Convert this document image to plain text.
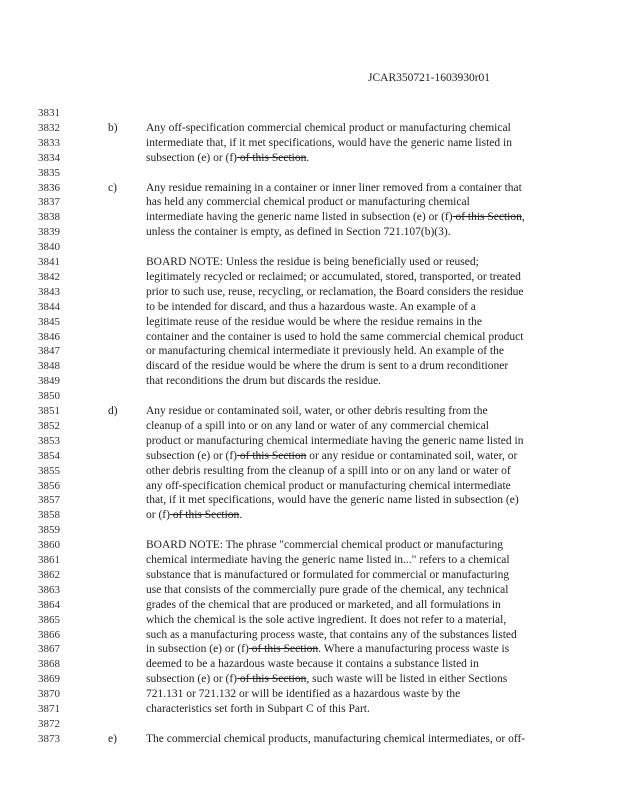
JCAR350721-1603930r01
3831
3832	b) Any off-specification commercial chemical product or manufacturing chemical
3833	intermediate that, if it met specifications, would have the generic name listed in
3834	subsection (e) or (f) of this Section.
3835
3836	c)	Any residue remaining in a container or inner liner removed from a container that
3837	has held any commercial chemical product or manufacturing chemical
3838	intermediate having the generic name listed in subsection (e) or (f) of this Section,
3839	unless the container is empty, as defined in Section 721.107(b)(3).
3840
3841	BOARD NOTE: Unless the residue is being beneficially used or reused;
3842	legitimately recycled or reclaimed; or accumulated, stored, transported, or treated
3843	prior to such use, reuse, recycling, or reclamation, the Board considers the residue
3844	to be intended for discard, and thus a hazardous waste. An example of a
3845	legitimate reuse of the residue would be where the residue remains in the
3846	container and the container is used to hold the same commercial chemical product
3847	or manufacturing chemical intermediate it previously held. An example of the
3848	discard of the residue would be where the drum is sent to a drum reconditioner
3849	that reconditions the drum but discards the residue.
3850
3851	d) Any residue or contaminated soil, water, or other debris resulting from the
3852	cleanup of a spill into or on any land or water of any commercial chemical
3853	product or manufacturing chemical intermediate having the generic name listed in
3854	subsection (e) or (f) of this Section or any residue or contaminated soil, water, or
3855	other debris resulting from the cleanup of a spill into or on any land or water of
3856	any off-specification chemical product or manufacturing chemical intermediate
3857	that, if it met specifications, would have the generic name listed in subsection (e)
3858	or (f) of this Section.
3859
3860	BOARD NOTE: The phrase "commercial chemical product or manufacturing
3861	chemical intermediate having the generic name listed in..." refers to a chemical
3862	substance that is manufactured or formulated for commercial or manufacturing
3863	use that consists of the commercially pure grade of the chemical, any technical
3864	grades of the chemical that are produced or marketed, and all formulations in
3865	which the chemical is the sole active ingredient. It does not refer to a material,
3866	such as a manufacturing process waste, that contains any of the substances listed
3867	in subsection (e) or (f) of this Section. Where a manufacturing process waste is
3868	deemed to be a hazardous waste because it contains a substance listed in
3869	subsection (e) or (f) of this Section, such waste will be listed in either Sections
3870	721.131 or 721.132 or will be identified as a hazardous waste by the
3871	characteristics set forth in Subpart C of this Part.
3872
3873	e)	The commercial chemical products, manufacturing chemical intermediates, or off-
